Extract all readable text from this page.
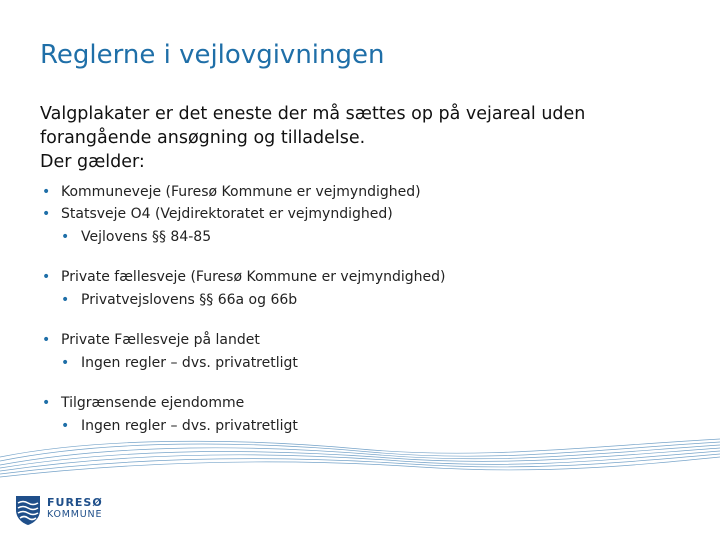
Reglerne i vejlovgivningen

Valgplakater er det eneste der må sættes op på vejareal uden forangående ansøgning og tilladelse.

Der gælder:

• Kommuneveje (Furesø Kommune er vejmyndighed)
• Statsveje O4 (Vejdirektoratet er vejmyndighed)
• Vejlovens §§ 84-85
• Private fællesveje (Furesø Kommune er vejmyndighed)
• Privatvejslovens §§ 66a og 66b
• Private Fællesveje på landet
• Ingen regler – dvs. privatretligt
• Tilgrænsende ejendomme
• Ingen regler – dvs. privatretligt
FURESØ
KOMMUNE
